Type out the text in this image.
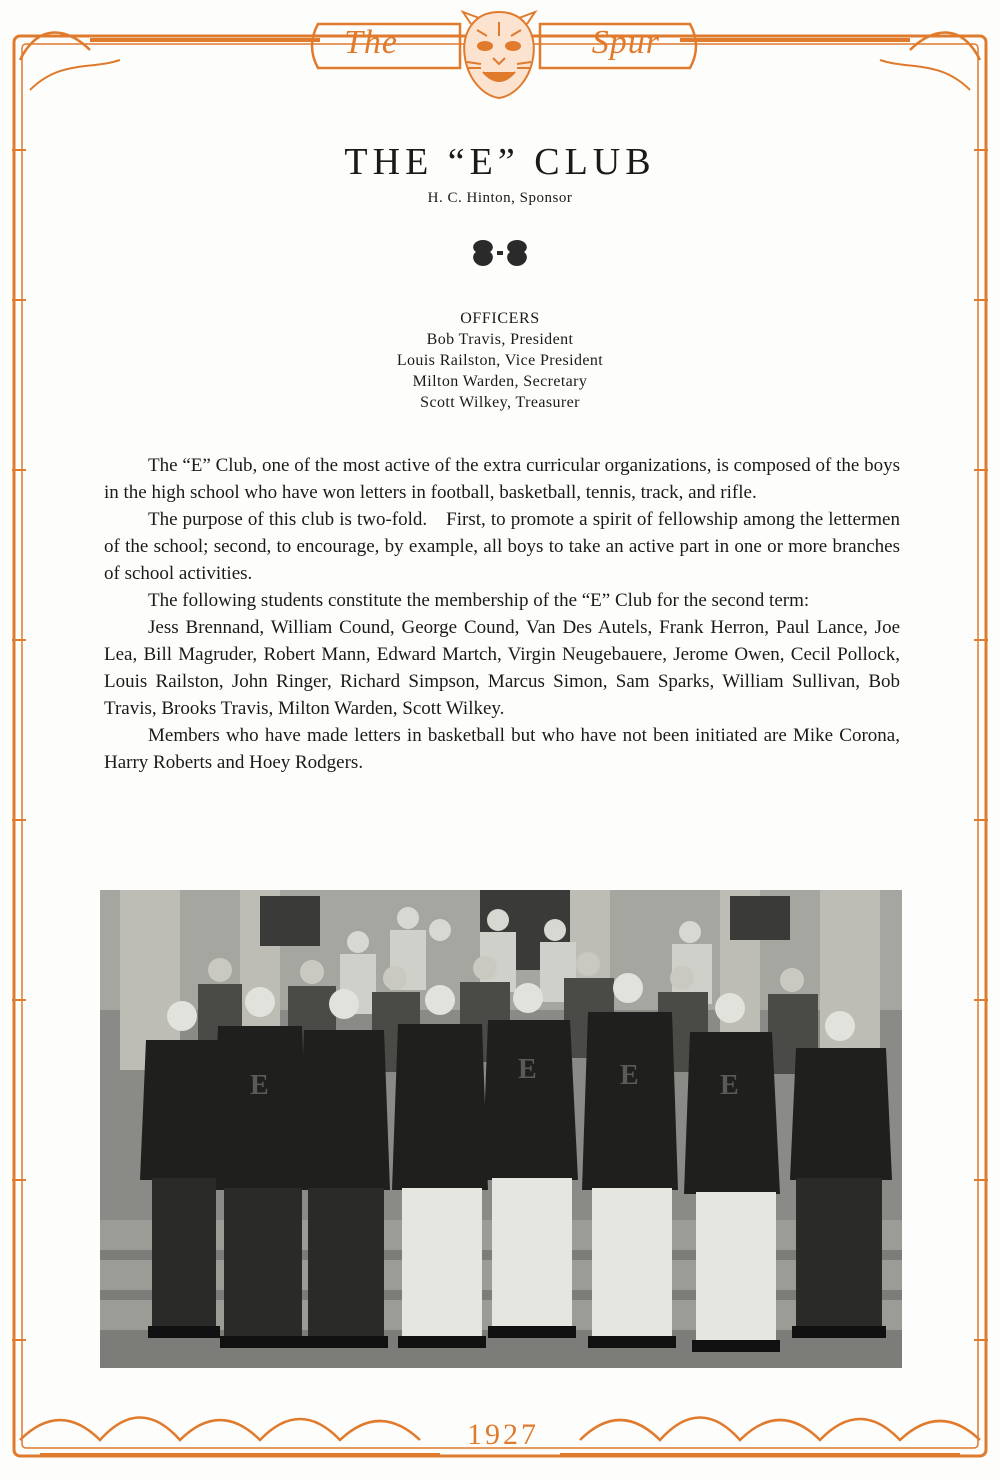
The	Spur
THE “E” CLUB
H. C. Hinton, Sponsor
OFFICERS
Bob Travis, President
Louis Railston, Vice President
Milton Warden, Secretary
Scott Wilkey, Treasurer

The “E” Club, one of the most active of the extra curricular organizations, is composed of the boys in the high school who have won letters in football, basketball, tennis, track, and rifle.

The purpose of this club is two-fold. First, to promote a spirit of fellowship among the lettermen of the school; second, to encourage, by example, all boys to take an active part in one or more branches of school activities.

The following students constitute the membership of the “E” Club for the second term:

Jess Brennand, William Cound, George Cound, Van Des Autels, Frank Herron, Paul Lance, Joe Lea, Bill Magruder, Robert Mann, Edward Martch, Virgin Neugebauere, Jerome Owen, Cecil Pollock, Louis Railston, John Ringer, Richard Simpson, Marcus Simon, Sam Sparks, William Sullivan, Bob Travis, Brooks Travis, Milton Warden, Scott Wilkey.

Members who have made letters in basketball but who have not been initiated are Mike Corona, Harry Roberts and Hoey Rodgers.

E
E	E	E
1927
